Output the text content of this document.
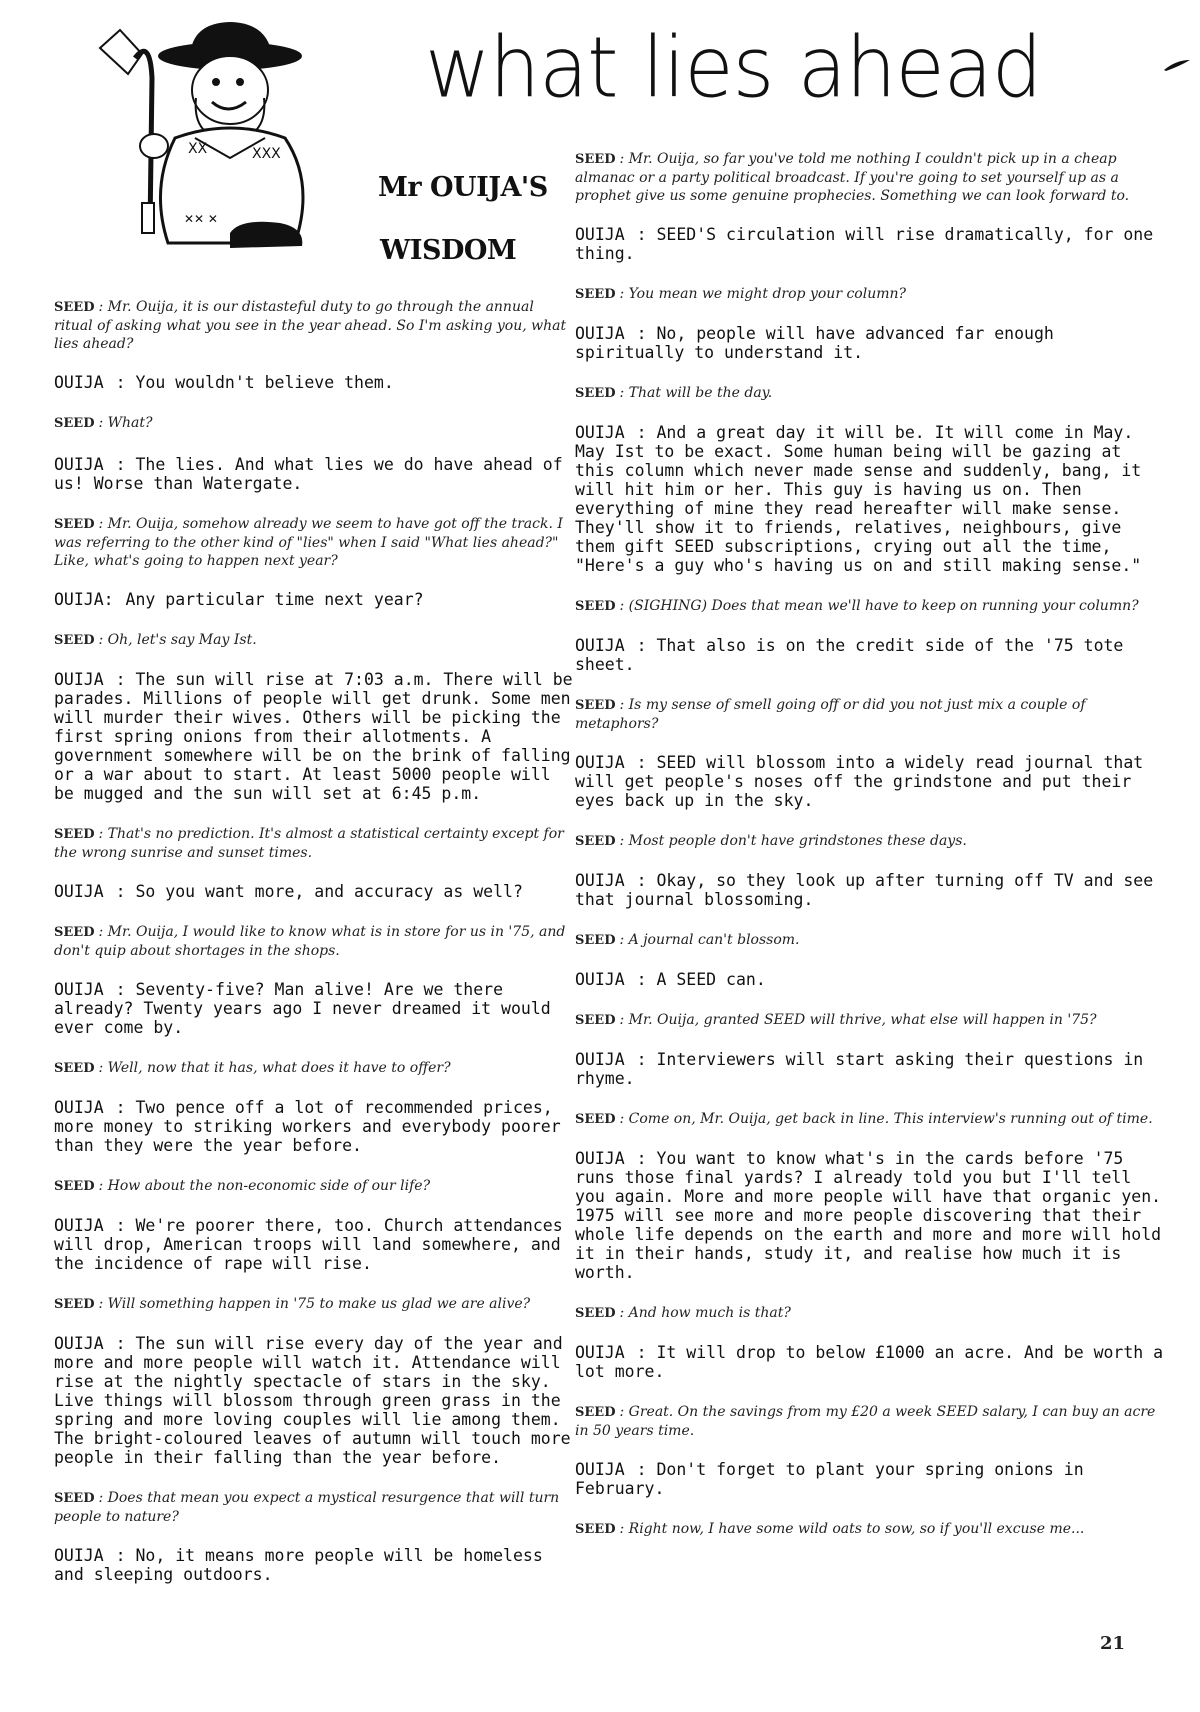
XX	XXX
✕✕ ✕
what lies ahead
Mr OUIJA'S
WISDOM

SEED : Mr. Ouija, it is our distasteful duty to go through the annual ritual of asking what you see in the year ahead. So I'm asking you, what lies ahead?

OUIJA : You wouldn't believe them.

SEED : What?

OUIJA : The lies. And what lies we do have ahead of us! Worse than Watergate.

SEED : Mr. Ouija, somehow already we seem to have got off the track. I was referring to the other kind of "lies" when I said "What lies ahead?" Like, what's going to happen next year?

OUIJA: Any particular time next year?

SEED : Oh, let's say May Ist.

OUIJA : The sun will rise at 7:03 a.m. There will be parades. Millions of people will get drunk. Some men will murder their wives. Others will be picking the first spring onions from their allotments. A government somewhere will be on the brink of falling or a war about to start. At least 5000 people will be mugged and the sun will set at 6:45 p.m.

SEED : That's no prediction. It's almost a statistical certainty except for the wrong sunrise and sunset times.

OUIJA : So you want more, and accuracy as well?

SEED : Mr. Ouija, I would like to know what is in store for us in '75, and don't quip about shortages in the shops.

OUIJA : Seventy-five? Man alive! Are we there already? Twenty years ago I never dreamed it would ever come by.

SEED : Well, now that it has, what does it have to offer?

OUIJA : Two pence off a lot of recommended prices, more money to striking workers and everybody poorer than they were the year before.

SEED : How about the non-economic side of our life?

OUIJA : We're poorer there, too. Church attendances will drop, American troops will land somewhere, and the incidence of rape will rise.

SEED : Will something happen in '75 to make us glad we are alive?

OUIJA : The sun will rise every day of the year and more and more people will watch it. Attendance will rise at the nightly spectacle of stars in the sky. Live things will blossom through green grass in the spring and more loving couples will lie among them. The bright-coloured leaves of autumn will touch more people in their falling than the year before.

SEED : Does that mean you expect a mystical resurgence that will turn people to nature?

OUIJA : No, it means more people will be homeless and sleeping outdoors.

SEED : Mr. Ouija, so far you've told me nothing I couldn't pick up in a cheap almanac or a party political broadcast. If you're going to set yourself up as a prophet give us some genuine prophecies. Something we can look forward to.

OUIJA : SEED'S circulation will rise dramatically, for one thing.

SEED : You mean we might drop your column?

OUIJA : No, people will have advanced far enough spiritually to understand it.

SEED : That will be the day.

OUIJA : And a great day it will be. It will come in May. May Ist to be exact. Some human being will be gazing at this column which never made sense and suddenly, bang, it will hit him or her. This guy is having us on. Then everything of mine they read hereafter will make sense. They'll show it to friends, relatives, neighbours, give them gift SEED subscriptions, crying out all the time, "Here's a guy who's having us on and still making sense."

SEED : (SIGHING) Does that mean we'll have to keep on running your column?

OUIJA : That also is on the credit side of the '75 tote sheet.

SEED : Is my sense of smell going off or did you not just mix a couple of metaphors?

OUIJA : SEED will blossom into a widely read journal that will get people's noses off the grindstone and put their eyes back up in the sky.

SEED : Most people don't have grindstones these days.

OUIJA : Okay, so they look up after turning off TV and see that journal blossoming.

SEED : A journal can't blossom.

OUIJA : A SEED can.

SEED : Mr. Ouija, granted SEED will thrive, what else will happen in '75?

OUIJA : Interviewers will start asking their questions in rhyme.

SEED : Come on, Mr. Ouija, get back in line. This interview's running out of time.

OUIJA : You want to know what's in the cards before '75 runs those final yards? I already told you but I'll tell you again. More and more people will have that organic yen. 1975 will see more and more people discovering that their whole life depends on the earth and more and more will hold it in their hands, study it, and realise how much it is worth.

SEED : And how much is that?

OUIJA : It will drop to below £1000 an acre. And be worth a lot more.

SEED : Great. On the savings from my £20 a week SEED salary, I can buy an acre in 50 years time.

OUIJA : Don't forget to plant your spring onions in February.

SEED : Right now, I have some wild oats to sow, so if you'll excuse me...

21
